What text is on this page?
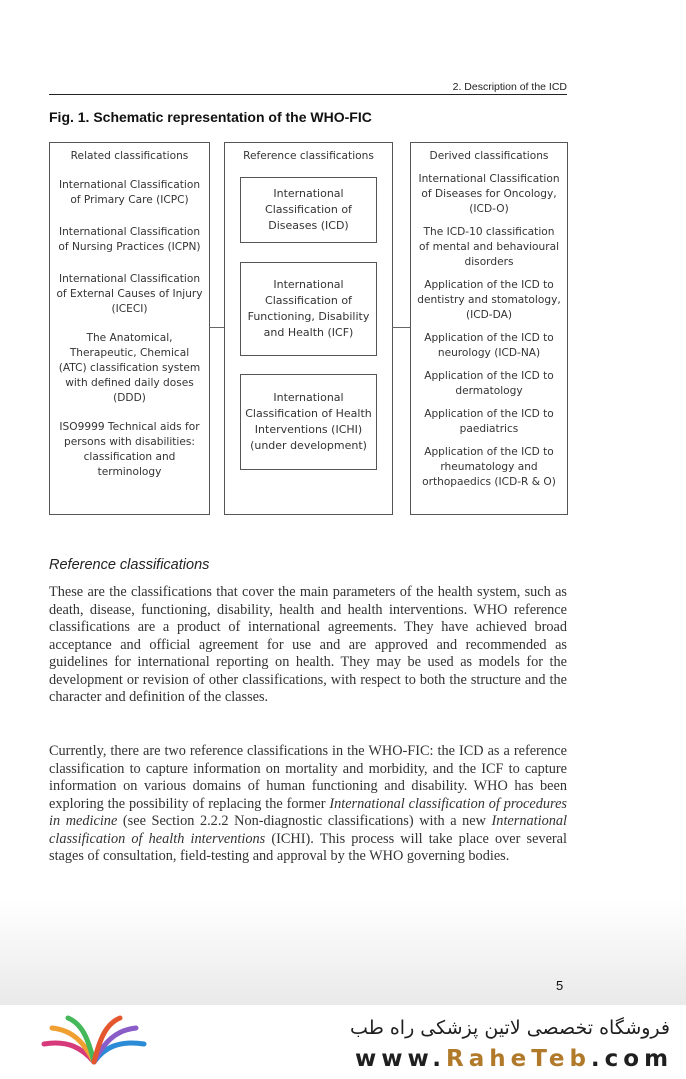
2. Description of the ICD
Fig. 1. Schematic representation of the WHO-FIC
Related classifications
International Classification of Primary Care (ICPC)
International Classification of Nursing Practices (ICPN)
International Classification of External Causes of Injury (ICECI)
The Anatomical, Therapeutic, Chemical (ATC) classification system with defined daily doses (DDD)
ISO9999 Technical aids for persons with disabilities: classification and terminology
Reference classifications
International Classification of Diseases (ICD)
International Classification of Functioning, Disability and Health (ICF)
International Classification of Health Interventions (ICHI) (under development)
Derived classifications
International Classification of Diseases for Oncology, (ICD-O)
The ICD-10 classification of mental and behavioural disorders
Application of the ICD to dentistry and stomatology, (ICD-DA)
Application of the ICD to neurology (ICD-NA)
Application of the ICD to dermatology
Application of the ICD to paediatrics
Application of the ICD to rheumatology and orthopaedics (ICD-R & O)
Reference classifications
These are the classifications that cover the main parameters of the health system, such as death, disease, functioning, disability, health and health interventions. WHO reference classifications are a product of international agreements. They have achieved broad acceptance and official agreement for use and are approved and recommended as guidelines for international reporting on health. They may be used as models for the development or revision of other classifications, with respect to both the structure and the character and definition of the classes.
Currently, there are two reference classifications in the WHO-FIC: the ICD as a reference classification to capture information on mortality and morbidity, and the ICF to capture information on various domains of human functioning and disability. WHO has been exploring the possibility of replacing the former International classification of procedures in medicine (see Section 2.2.2 Non-diagnostic classifications) with a new International classification of health interventions (ICHI). This process will take place over several stages of consultation, field-testing and approval by the WHO governing bodies.
5
فروشگاه تخصصی لاتین پزشکی راه طب
www.RaheTeb.com
